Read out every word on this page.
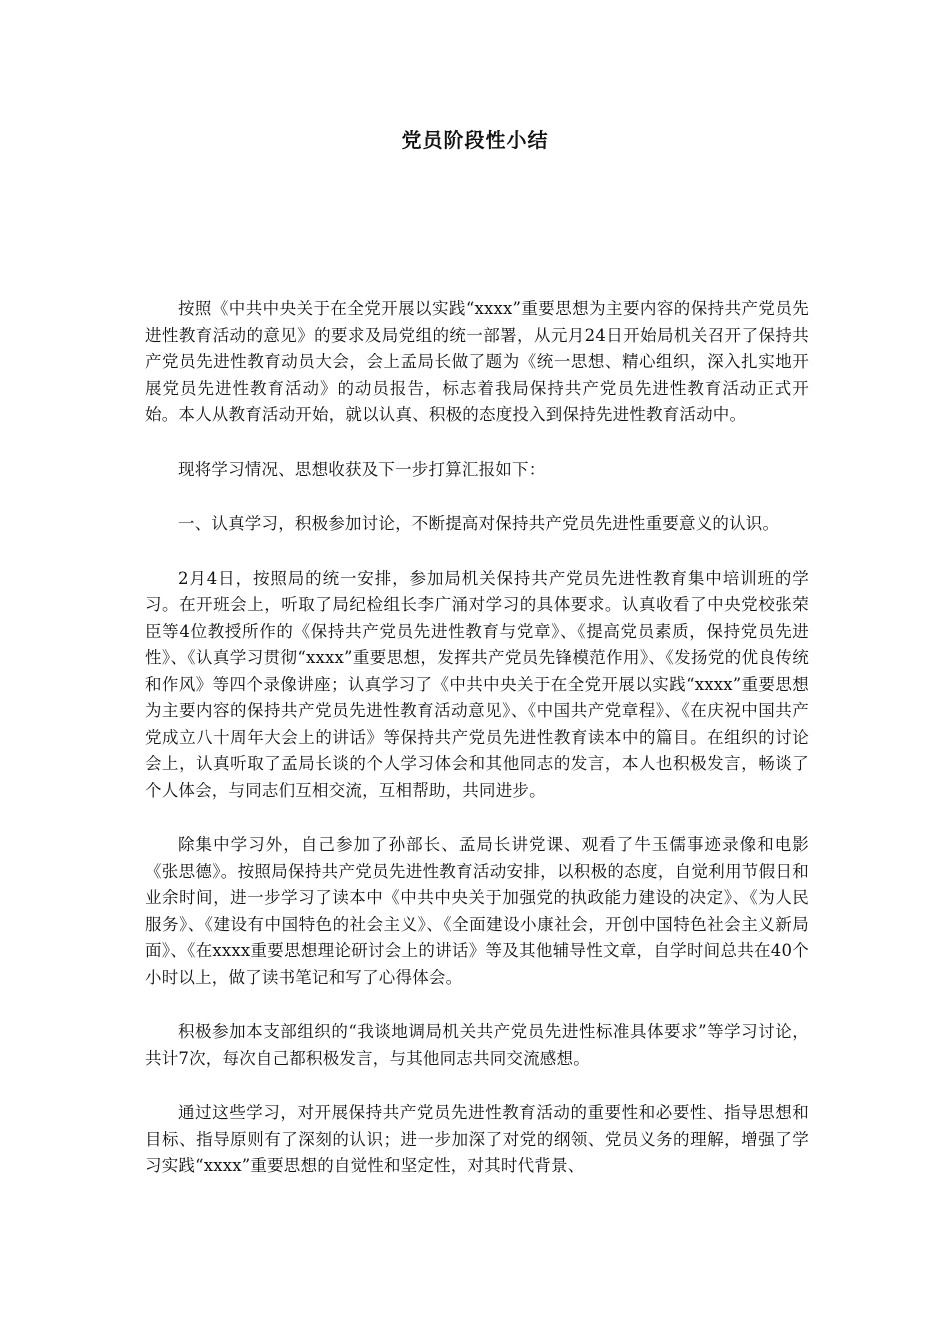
党员阶段性小结

按照《中共中央关于在全党开展以实践“xxxx”重要思想为主要内容的保持共产党员先进性教育活动的意见》的要求及局党组的统一部署，从元月24日开始局机关召开了保持共产党员先进性教育动员大会，会上孟局长做了题为《统一思想、精心组织，深入扎实地开展党员先进性教育活动》的动员报告，标志着我局保持共产党员先进性教育活动正式开始。本人从教育活动开始，就以认真、积极的态度投入到保持先进性教育活动中。

现将学习情况、思想收获及下一步打算汇报如下：

一、认真学习，积极参加讨论，不断提高对保持共产党员先进性重要意义的认识。

2月4日，按照局的统一安排，参加局机关保持共产党员先进性教育集中培训班的学习。在开班会上，听取了局纪检组长李广涌对学习的具体要求。认真收看了中央党校张荣臣等4位教授所作的《保持共产党员先进性教育与党章》、《提高党员素质，保持党员先进性》、《认真学习贯彻“xxxx”重要思想，发挥共产党员先锋模范作用》、《发扬党的优良传统和作风》等四个录像讲座；认真学习了《中共中央关于在全党开展以实践“xxxx”重要思想为主要内容的保持共产党员先进性教育活动意见》、《中国共产党章程》、《在庆祝中国共产党成立八十周年大会上的讲话》等保持共产党员先进性教育读本中的篇目。在组织的讨论会上，认真听取了孟局长谈的个人学习体会和其他同志的发言，本人也积极发言，畅谈了个人体会，与同志们互相交流，互相帮助，共同进步。

除集中学习外，自己参加了孙部长、孟局长讲党课、观看了牛玉儒事迹录像和电影《张思德》。按照局保持共产党员先进性教育活动安排，以积极的态度，自觉利用节假日和业余时间，进一步学习了读本中《中共中央关于加强党的执政能力建设的决定》、《为人民服务》、《建设有中国特色的社会主义》、《全面建设小康社会，开创中国特色社会主义新局面》、《在xxxx重要思想理论研讨会上的讲话》等及其他辅导性文章，自学时间总共在40个小时以上，做了读书笔记和写了心得体会。

积极参加本支部组织的“我谈地调局机关共产党员先进性标准具体要求”等学习讨论，共计7次，每次自己都积极发言，与其他同志共同交流感想。

通过这些学习，对开展保持共产党员先进性教育活动的重要性和必要性、指导思想和目标、指导原则有了深刻的认识；进一步加深了对党的纲领、党员义务的理解，增强了学习实践“xxxx”重要思想的自觉性和坚定性，对其时代背景、
